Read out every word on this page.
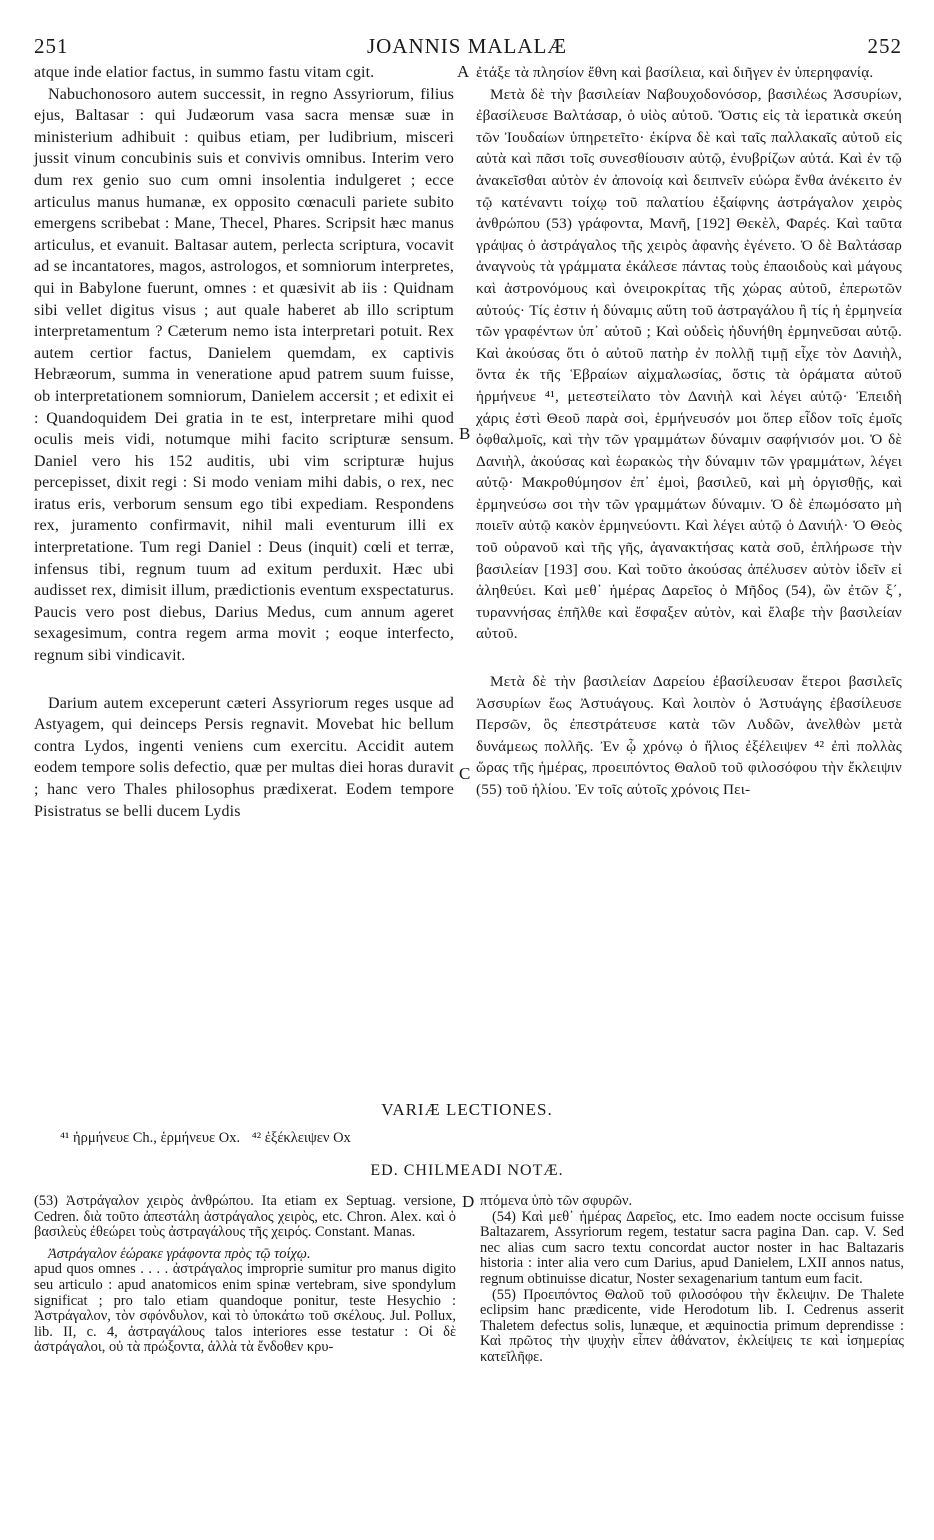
251	JOANNIS MALALÆ	252

atque inde elatior factus, in summo fastu vitam cgit.

Nabuchonosoro autem successit, in regno Assyriorum, filius ejus, Baltasar : qui Judæorum vasa sacra mensæ suæ in ministerium adhibuit : quibus etiam, per ludibrium, misceri jussit vinum concubinis suis et convivis omnibus. Interim vero dum rex genio suo cum omni insolentia indulgeret ; ecce articulus manus humanæ, ex opposito cœnaculi pariete subito emergens scribebat : Mane, Thecel, Phares. Scripsit hæc manus articulus, et evanuit. Baltasar autem, perlecta scriptura, vocavit ad se incantatores, magos, astrologos, et somniorum interpretes, qui in Babylone fuerunt, omnes : et quæsivit ab iis : Quidnam sibi vellet digitus visus ; aut quale haberet ab illo scriptum interpretamentum ? Cæterum nemo ista interpretari potuit. Rex autem certior factus, Danielem quemdam, ex captivis Hebræorum, summa in veneratione apud patrem suum fuisse, ob interpretationem somniorum, Danielem accersit ; et edixit ei : Quandoquidem Dei gratia in te est, interpretare mihi quod oculis meis vidi, notumque mihi facito scripturæ sensum. Daniel vero his 152 auditis, ubi vim scripturæ hujus percepisset, dixit regi : Si modo veniam mihi dabis, o rex, nec iratus eris, verborum sensum ego tibi expediam. Respondens rex, juramento confirmavit, nihil mali eventurum illi ex interpretatione. Tum regi Daniel : Deus (inquit) cœli et terræ, infensus tibi, regnum tuum ad exitum perduxit. Hæc ubi audisset rex, dimisit illum, prædictionis eventum exspectaturus. Paucis vero post diebus, Darius Medus, cum annum ageret sexagesimum, contra regem arma movit ; eoque interfecto, regnum sibi vindicavit.

Darium autem exceperunt cæteri Assyriorum reges usque ad Astyagem, qui deinceps Persis regnavit. Movebat hic bellum contra Lydos, ingenti veniens cum exercitu. Accidit autem eodem tempore solis defectio, quæ per multas diei horas duravit ; hanc vero Thales philosophus prædixerat. Eodem tempore Pisistratus se belli ducem Lydis

A
B
C

ἐτάξε τὰ πλησίον ἔθνη καὶ βασίλεια, καὶ διῆγεν ἐν ὑπερηφανίᾳ.

Μετὰ δὲ τὴν βασιλείαν Ναβουχοδονόσορ, βασιλέως Ἀσσυρίων, ἐβασίλευσε Βαλτάσαρ, ὁ υἱὸς αὐτοῦ. Ὅστις εἰς τὰ ἱερατικὰ σκεύη τῶν Ἰουδαίων ὑπηρετεῖτο· ἐκίρνα δὲ καὶ ταῖς παλλακαῖς αὐτοῦ εἰς αὐτὰ καὶ πᾶσι τοῖς συνεσθίουσιν αὐτῷ, ἐνυβρίζων αὐτά. Καὶ ἐν τῷ ἀνακεῖσθαι αὐτὸν ἐν ἀπονοίᾳ καὶ δειπνεῖν εὐώρα ἔνθα ἀνέκειτο ἐν τῷ κατέναντι τοίχῳ τοῦ παλατίου ἐξαίφνης ἀστράγαλον χειρὸς ἀνθρώπου (53) γράφοντα, Μανῆ, [192] Θεκὲλ, Φαρές. Καὶ ταῦτα γράψας ὁ ἀστράγαλος τῆς χειρὸς ἀφανὴς ἐγένετο. Ὁ δὲ Βαλτάσαρ ἀναγνοὺς τὰ γράμματα ἐκάλεσε πάντας τοὺς ἐπαοιδοὺς καὶ μάγους καὶ ἀστρονόμους καὶ ὀνειροκρίτας τῆς χώρας αὐτοῦ, ἐπερωτῶν αὐτούς· Τίς ἐστιν ἡ δύναμις αὕτη τοῦ ἀστραγάλου ἢ τίς ἡ ἑρμηνεία τῶν γραφέντων ὑπ᾽ αὐτοῦ ; Καὶ οὐδεὶς ἠδυνήθη ἑρμηνεῦσαι αὐτῷ. Καὶ ἀκούσας ὅτι ὁ αὐτοῦ πατὴρ ἐν πολλῇ τιμῇ εἶχε τὸν Δανιὴλ, ὄντα ἐκ τῆς Ἑβραίων αἰχμαλωσίας, ὅστις τὰ ὁράματα αὐτοῦ ἡρμήνευε ⁴¹, μετεστείλατο τὸν Δανιὴλ καὶ λέγει αὐτῷ· Ἐπειδὴ χάρις ἐστὶ Θεοῦ παρὰ σοὶ, ἑρμήνευσόν μοι ὅπερ εἶδον τοῖς ἐμοῖς ὀφθαλμοῖς, καὶ τὴν τῶν γραμμάτων δύναμιν σαφήνισόν μοι. Ὁ δὲ Δανιὴλ, ἀκούσας καὶ ἑωρακὼς τὴν δύναμιν τῶν γραμμάτων, λέγει αὐτῷ· Μακροθύμησον ἐπ᾽ ἐμοὶ, βασιλεῦ, καὶ μὴ ὀργισθῇς, καὶ ἑρμηνεύσω σοι τὴν τῶν γραμμάτων δύναμιν. Ὁ δὲ ἐπωμόσατο μὴ ποιεῖν αὐτῷ κακὸν ἑρμηνεύοντι. Καὶ λέγει αὐτῷ ὁ Δανιήλ· Ὁ Θεὸς τοῦ οὐρανοῦ καὶ τῆς γῆς, ἀγανακτήσας κατὰ σοῦ, ἐπλήρωσε τὴν βασιλείαν [193] σου. Καὶ τοῦτο ἀκούσας ἀπέλυσεν αὐτὸν ἰδεῖν εἰ ἀληθεύει. Καὶ μεθ᾽ ἡμέρας Δαρεῖος ὁ Μῆδος (54), ὢν ἐτῶν ξ΄, τυραννήσας ἐπῆλθε καὶ ἔσφαξεν αὐτὸν, καὶ ἔλαβε τὴν βασιλείαν αὐτοῦ.

Μετὰ δὲ τὴν βασιλείαν Δαρείου ἐβασίλευσαν ἕτεροι βασιλεῖς Ἀσσυρίων ἕως Ἀστυάγους. Καὶ λοιπὸν ὁ Ἀστυάγης ἐβασίλευσε Περσῶν, ὃς ἐπεστράτευσε κατὰ τῶν Λυδῶν, ἀνελθὼν μετὰ δυνάμεως πολλῆς. Ἐν ᾧ χρόνῳ ὁ ἥλιος ἐξέλειψεν ⁴² ἐπὶ πολλὰς ὥρας τῆς ἡμέρας, προειπόντος Θαλοῦ τοῦ φιλοσόφου τὴν ἔκλειψιν (55) τοῦ ἡλίου. Ἐν τοῖς αὐτοῖς χρόνοις Πει-

VARIÆ LECTIONES.
⁴¹ ἡρμήνευε Ch., ἑρμήνευε Ox. ⁴² ἐξέκλειψεν Ox
ED. CHILMEADI NOTÆ.

(53) Ἀστράγαλον χειρὸς ἀνθρώπου. Ita etiam ex Septuag. versione, Cedren. διὰ τοῦτο ἀπεστάλη ἀστράγαλος χειρὸς, etc. Chron. Alex. καὶ ὁ βασιλεὺς ἐθεώρει τοὺς ἀστραγάλους τῆς χειρός. Constant. Manas.

Ἀστράγαλον ἑώρακε γράφοντα πρὸς τῷ τοίχῳ.

apud quos omnes . . . . ἀστράγαλος improprie sumitur pro manus digito seu articulo : apud anatomicos enim spinæ vertebram, sive spondylum significat ; pro talo etiam quandoque ponitur, teste Hesychio : Ἀστράγαλον, τὸν σφόνδυλον, καὶ τὸ ὑποκάτω τοῦ σκέλους. Jul. Pollux, lib. II, c. 4, ἀστραγάλους talos interiores esse testatur : Οἱ δὲ ἀστράγαλοι, οὐ τὰ πρώξοντα, ἀλλὰ τὰ ἔνδοθεν κρυ-

D πτόμενα ὑπὸ τῶν σφυρῶν.

(54) Καὶ μεθ᾽ ἡμέρας Δαρεῖος, etc. Imo eadem nocte occisum fuisse Baltazarem, Assyriorum regem, testatur sacra pagina Dan. cap. V. Sed nec alias cum sacro textu concordat auctor noster in hac Baltazaris historia : inter alia vero cum Darius, apud Danielem, LXII annos natus, regnum obtinuisse dicatur, Noster sexagenarium tantum eum facit.

(55) Προειπόντος Θαλοῦ τοῦ φιλοσόφου τὴν ἔκλειψιν. De Thalete eclipsim hanc prædicente, vide Herodotum lib. I. Cedrenus asserit Thaletem defectus solis, lunæque, et æquinoctia primum deprendisse : Καὶ πρῶτος τὴν ψυχὴν εἶπεν ἀθάνατον, ἐκλείψεις τε καὶ ἰσημερίας κατεῖλῆφε.
